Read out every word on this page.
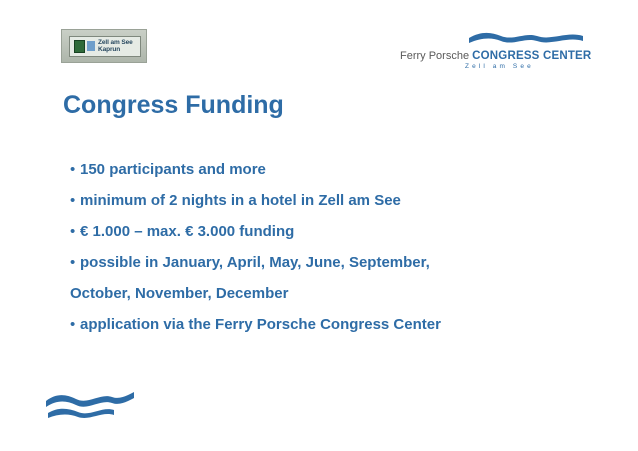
Zell am See
Kaprun
Ferry Porsche CONGRESS CENTER
Zell am See
Congress Funding
• 150 participants and more
• minimum of 2 nights in a hotel in Zell am See
• € 1.000 – max. € 3.000 funding
• possible in January, April, May, June, September,
October, November, December
• application via the Ferry Porsche Congress Center
